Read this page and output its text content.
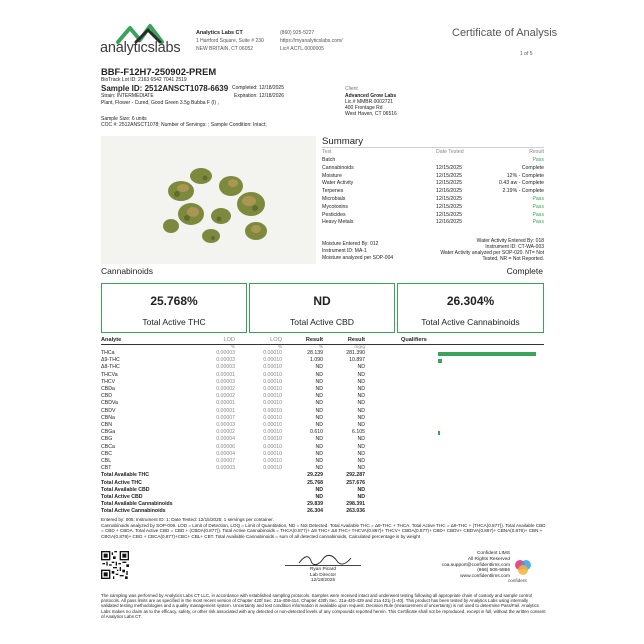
analyticslabs
Analytics Labs CT
1 Hartford Square, Suite # 230
NEW BRITAIN, CT 06052
(860) 925-5227
https://myanalyticslabs.com/
Lic# ACTL.0000005
Certificate of Analysis
1 of 5
BBF-F12H7-250902-PREM
BioTrack Lot ID: 2163 6542 7041 2519
Sample ID: 2512ANSCT1078-6639 Completed: 12/18/2025
Strain: INTERMEDIATE	Expiration: 12/18/2026
Plant, Flower - Cured, Good Green 3.5g Bubba F (I) ,
Sample Size: 6 units
COC #: 2512ANSCT1078; Number of Servings: ; Sample Condition: Intact;
Client
Advanced Grow Labs
Lic.# MMBR.0002721
400 Frontage Rd
West Haven, CT 06516
Summary
Test	Date Tested	Result
Batch	Pass
Cannabinoids	12/15/2025	Complete
Moisture	12/15/2025	12% - Complete
Water Activity	12/15/2025	0.43 aw - Complete
Terpenes	12/16/2025	2.19% - Complete
Microbials	12/15/2025	Pass
Mycotoxins	12/15/2025	Pass
Pesticides	12/15/2025	Pass
Heavy Metals	12/16/2025	Pass
Moisture Entered By: 012
Instrument ID: MA-1
Moisture analyzed per SOP-004
Water Activity Entered By: 018
Instrument ID: CT-WA-003
Water Activity analyzed per SOP-020. NT= Not
Tested, NR = Not Reported.
Cannabinoids	Complete
25.768%
Total Active THC
ND
Total Active CBD
26.304%
Total Active Cannabinoids
Analyte	LOD	LOQ	Result	Result	Qualifiers
%	%	%	mg/g
THCa	0.00003	0.00010	28.139	281.390
Δ9-THC	0.00003	0.00010	1.090	10.897
Δ8-THC	0.00003	0.00010	ND	ND
THCVa	0.00001	0.00010	ND	ND
THCV	0.00003	0.00010	ND	ND
CBDa	0.00002	0.00010	ND	ND
CBD	0.00002	0.00010	ND	ND
CBDVa	0.00001	0.00010	ND	ND
CBDV	0.00001	0.00010	ND	ND
CBNa	0.00007	0.00010	ND	ND
CBN	0.00003	0.00010	ND	ND
CBGa	0.00002	0.00010	0.610	6.105
CBG	0.00004	0.00010	ND	ND
CBCa	0.00006	0.00010	ND	ND
CBC	0.00004	0.00010	ND	ND
CBL	0.00007	0.00010	ND	ND
CBT	0.00003	0.00010	ND	ND
Total Available THC	29.229	292.287
Total Active THC	25.768	257.676
Total Available CBD	ND	ND
Total Active CBD	ND	ND
Total Available Cannabinoids	29.839	298.391
Total Active Cannabinoids	26.304	263.036
Entered by: 005; Instrument ID: 1; Date Tested: 12/15/2025; 1 servings per container.
Cannabinoids analyzed by SOP-009. LOD = Limit of Detection, LOQ = Limit of Quantitation, ND = Not Detected. Total Available THC = Δ9-THC + THCA. Total Active THC = Δ9-THC + (THCA(0.877)). Total Available CBD = CBD + CBDA. Total Active CBD = CBD + (CBDA(0.877)). Total Active Cannabinoids = THCA(0.877)+ Δ9 THC+ Δ8 THC+ THCVA(0.867)+ THCV+ CBDA(0.877)+ CBD+ CBDV+ CBDVA(0.867)+ CBNA(0.876)+ CBN + CBGA(0.878)+ CBG + CBCA(0.877)+CBC+ CBL+ CBT. Total Available Cannabinoids = sum of all detected cannabinoids, Calculated percentage is by weight
Ryan Picard
Lab Director
12/18/2025
Confident LIMS
All Rights Reserved
coa.support@confidentlims.com
(866) 506-5866
www.confidentlims.com
confident
The sampling was performed by Analytics Labs CT LLC, in accordance with established sampling protocols. Samples were received intact and underwent testing following all appropriate chain of custody and sample control protocols. All pass limits are as specified in the most recent version of Chapter 420f Sec. 21a-408-414, Chapter 420h Sec. 21a-420-429 and 21a 421j (1-40). This product has been tested by Analytics Labs using internally validated testing methodologies and a quality management system. Uncertainty and test condition information is available upon request. Decision Rule (measurement of uncertainty) is not used to determine Pass/Fail. Analytics Labs makes no claim as to the efficacy, safety, or other risk associated with any detected or non-detected levels of any compounds reported herein. This Certificate shall not be reproduced, except in full, without the written consent of Analytics Labs CT.
